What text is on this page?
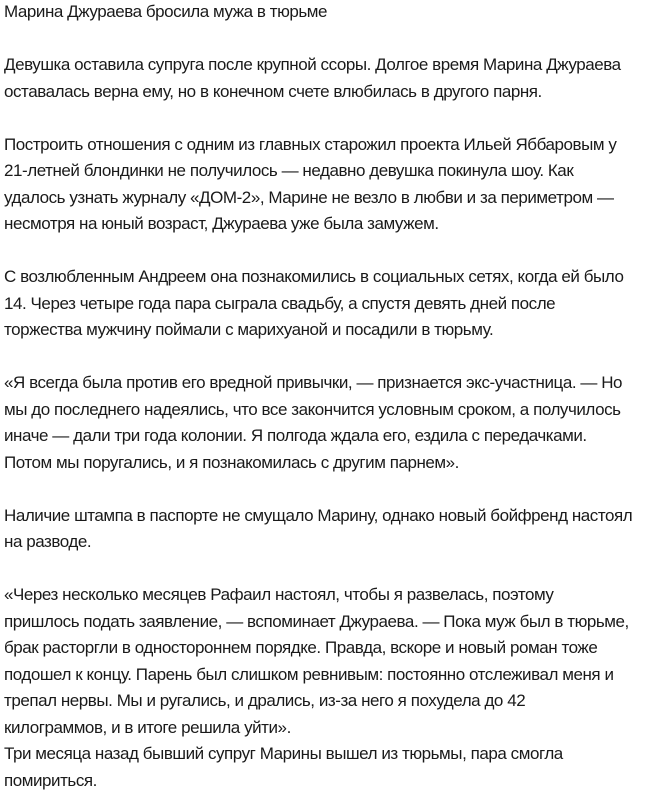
Марина Джураева бросила мужа в тюрьме
Девушка оставила супруга после крупной ссоры. Долгое время Марина Джураева
оставалась верна ему, но в конечном счете влюбилась в другого парня.
Построить отношения с одним из главных старожил проекта Ильей Яббаровым у
21-летней блондинки не получилось — недавно девушка покинула шоу. Как
удалось узнать журналу «ДОМ-2», Марине не везло в любви и за периметром —
несмотря на юный возраст, Джураева уже была замужем.
С возлюбленным Андреем она познакомились в социальных сетях, когда ей было
14. Через четыре года пара сыграла свадьбу, а спустя девять дней после
торжества мужчину поймали с марихуаной и посадили в тюрьму.
«Я всегда была против его вредной привычки, — признается экс-участница. — Но
мы до последнего надеялись, что все закончится условным сроком, а получилось
иначе — дали три года колонии. Я полгода ждала его, ездила с передачками.
Потом мы поругались, и я познакомилась с другим парнем».
Наличие штампа в паспорте не смущало Марину, однако новый бойфренд настоял
на разводе.
«Через несколько месяцев Рафаил настоял, чтобы я развелась, поэтому
пришлось подать заявление, — вспоминает Джураева. — Пока муж был в тюрьме,
брак расторгли в одностороннем порядке. Правда, вскоре и новый роман тоже
подошел к концу. Парень был слишком ревнивым: постоянно отслеживал меня и
трепал нервы. Мы и ругались, и дрались, из-за него я похудела до 42
килограммов, и в итоге решила уйти».
Три месяца назад бывший супруг Марины вышел из тюрьмы, пара смогла
помириться.
